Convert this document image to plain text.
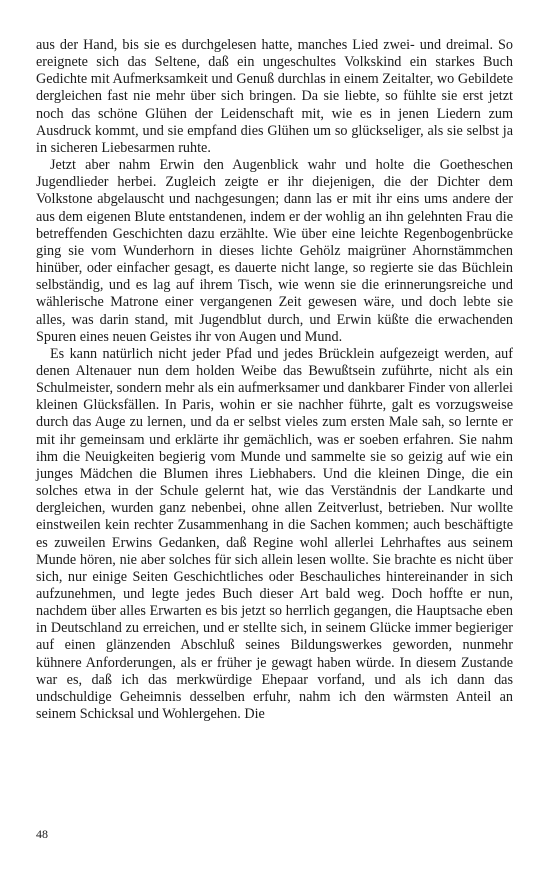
aus der Hand, bis sie es durchgelesen hatte, manches Lied zwei- und dreimal. So ereignete sich das Seltene, daß ein ungeschultes Volkskind ein starkes Buch Gedichte mit Aufmerksamkeit und Genuß durchlas in einem Zeitalter, wo Gebildete dergleichen fast nie mehr über sich bringen. Da sie liebte, so fühlte sie erst jetzt noch das schöne Glühen der Leidenschaft mit, wie es in jenen Liedern zum Ausdruck kommt, und sie empfand dies Glühen um so glückseliger, als sie selbst ja in sicheren Liebesarmen ruhte.

Jetzt aber nahm Erwin den Augenblick wahr und holte die Goetheschen Jugendlieder herbei. Zugleich zeigte er ihr diejenigen, die der Dichter dem Volkstone abgelauscht und nachgesungen; dann las er mit ihr eins ums andere der aus dem eigenen Blute entstandenen, indem er der wohlig an ihn gelehnten Frau die betreffenden Geschichten dazu erzählte. Wie über eine leichte Regenbogenbrücke ging sie vom Wunderhorn in dieses lichte Gehölz maigrüner Ahornstämmchen hinüber, oder einfacher gesagt, es dauerte nicht lange, so regierte sie das Büchlein selbständig, und es lag auf ihrem Tisch, wie wenn sie die erinnerungsreiche und wählerische Matrone einer vergangenen Zeit gewesen wäre, und doch lebte sie alles, was darin stand, mit Jugendblut durch, und Erwin küßte die erwachenden Spuren eines neuen Geistes ihr von Augen und Mund.

Es kann natürlich nicht jeder Pfad und jedes Brücklein aufgezeigt werden, auf denen Altenauer nun dem holden Weibe das Bewußtsein zuführte, nicht als ein Schulmeister, sondern mehr als ein aufmerksamer und dankbarer Finder von allerlei kleinen Glücksfällen. In Paris, wohin er sie nachher führte, galt es vorzugsweise durch das Auge zu lernen, und da er selbst vieles zum ersten Male sah, so lernte er mit ihr gemeinsam und erklärte ihr gemächlich, was er soeben erfahren. Sie nahm ihm die Neuigkeiten begierig vom Munde und sammelte sie so geizig auf wie ein junges Mädchen die Blumen ihres Liebhabers. Und die kleinen Dinge, die ein solches etwa in der Schule gelernt hat, wie das Verständnis der Landkarte und dergleichen, wurden ganz nebenbei, ohne allen Zeitverlust, betrieben. Nur wollte einstweilen kein rechter Zusammenhang in die Sachen kommen; auch beschäftigte es zuweilen Erwins Gedanken, daß Regine wohl allerlei Lehrhaftes aus seinem Munde hören, nie aber solches für sich allein lesen wollte. Sie brachte es nicht über sich, nur einige Seiten Geschichtliches oder Beschauliches hintereinander in sich aufzunehmen, und legte jedes Buch dieser Art bald weg. Doch hoffte er nun, nachdem über alles Erwarten es bis jetzt so herrlich gegangen, die Hauptsache eben in Deutschland zu erreichen, und er stellte sich, in seinem Glücke immer begieriger auf einen glänzenden Abschluß seines Bildungswerkes geworden, nunmehr kühnere Anforderungen, als er früher je gewagt haben würde. In diesem Zustande war es, daß ich das merkwürdige Ehepaar vorfand, und als ich dann das undschuldige Geheimnis desselben erfuhr, nahm ich den wärmsten Anteil an seinem Schicksal und Wohlergehen. Die

48
